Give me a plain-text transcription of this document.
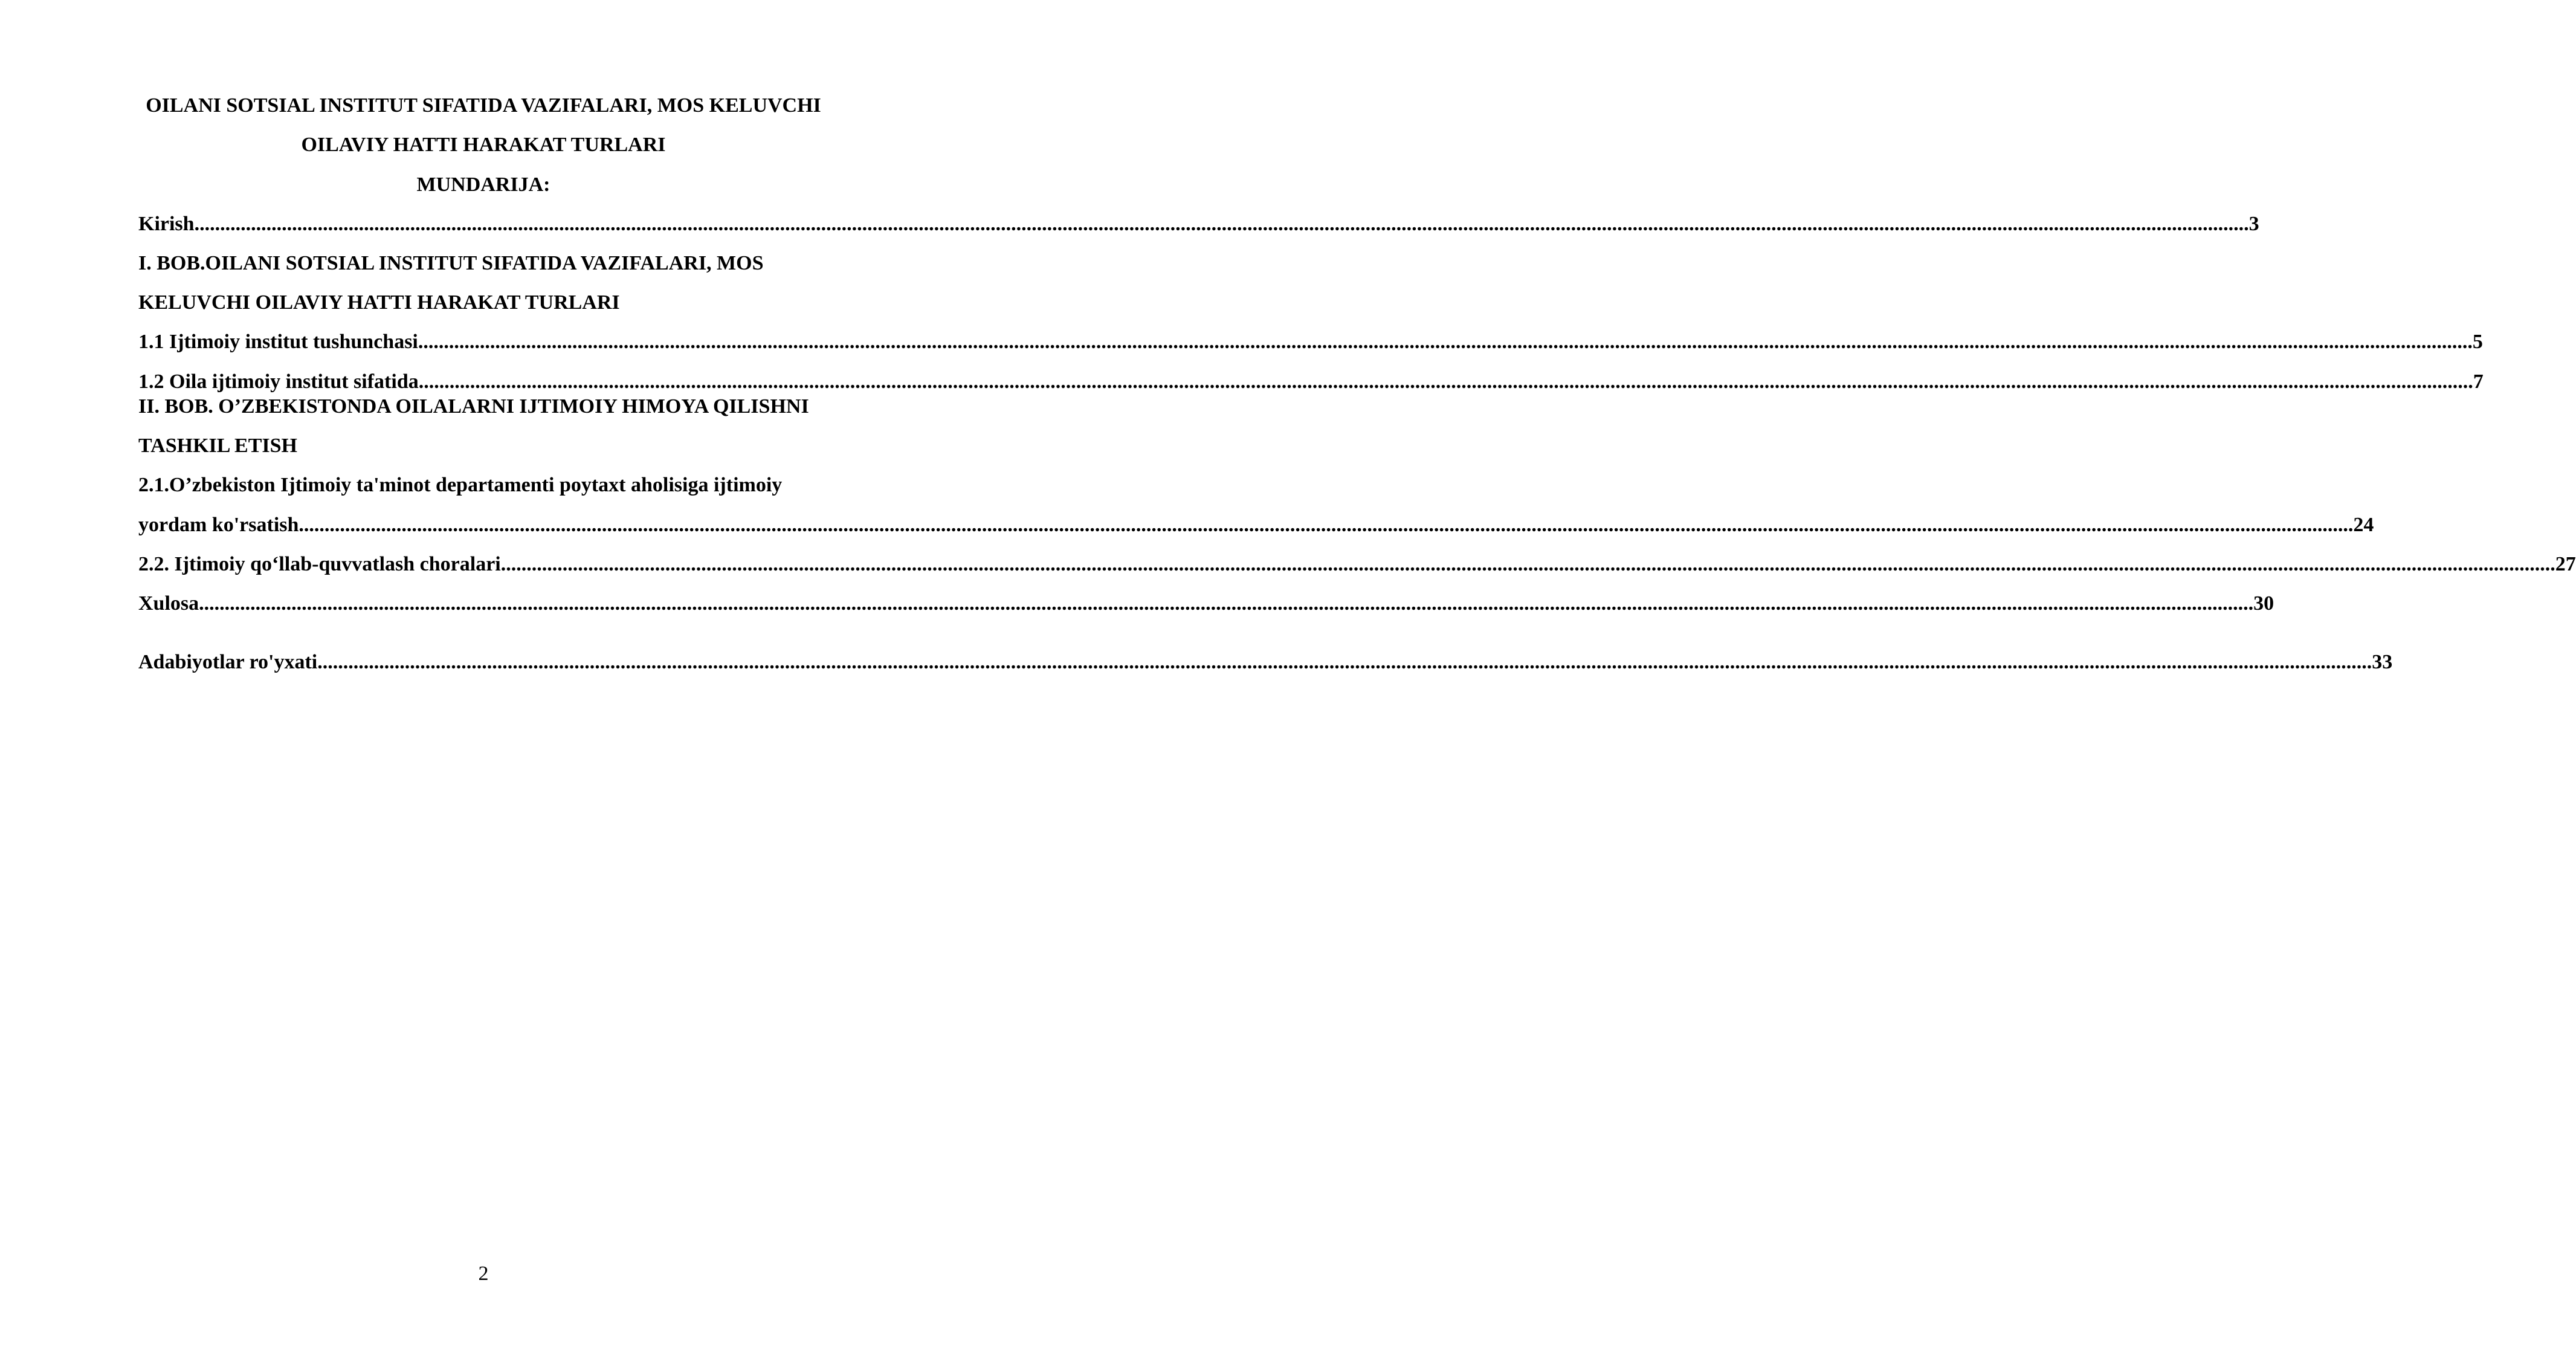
OILANI SOTSIAL INSTITUT SIFATIDA VAZIFALARI, MOS KELUVCHI
OILAVIY HATTI HARAKAT TURLARI
MUNDARIJA:
Kirish ................................................................................................................................................................................................................................................................................................................................................................................................................ 3
I. BOB.OILANI SOTSIAL INSTITUT SIFATIDA VAZIFALARI, MOS
KELUVCHI OILAVIY HATTI HARAKAT TURLARI
1.1 Ijtimoiy institut tushunchasi ................................................................................................................................................................................................................................................................................................................................................................................................................ 5
1.2 Oila ijtimoiy institut sifatida ................................................................................................................................................................................................................................................................................................................................................................................................................ 7
II. BOB. O’ZBEKISTONDA OILALARNI IJTIMOIY HIMOYA QILISHNI
TASHKIL ETISH
2.1.O’zbekiston Ijtimoiy ta'minot departamenti poytaxt aholisiga ijtimoiy
yordam ko'rsatish ................................................................................................................................................................................................................................................................................................................................................................................................................ 24
2.2. Ijtimoiy qo‘llab-quvvatlash choralari ................................................................................................................................................................................................................................................................................................................................................................................................................ 27
Xulosa ................................................................................................................................................................................................................................................................................................................................................................................................................ 30
Adabiyotlar ro'yxati ................................................................................................................................................................................................................................................................................................................................................................................................................ 33
2
